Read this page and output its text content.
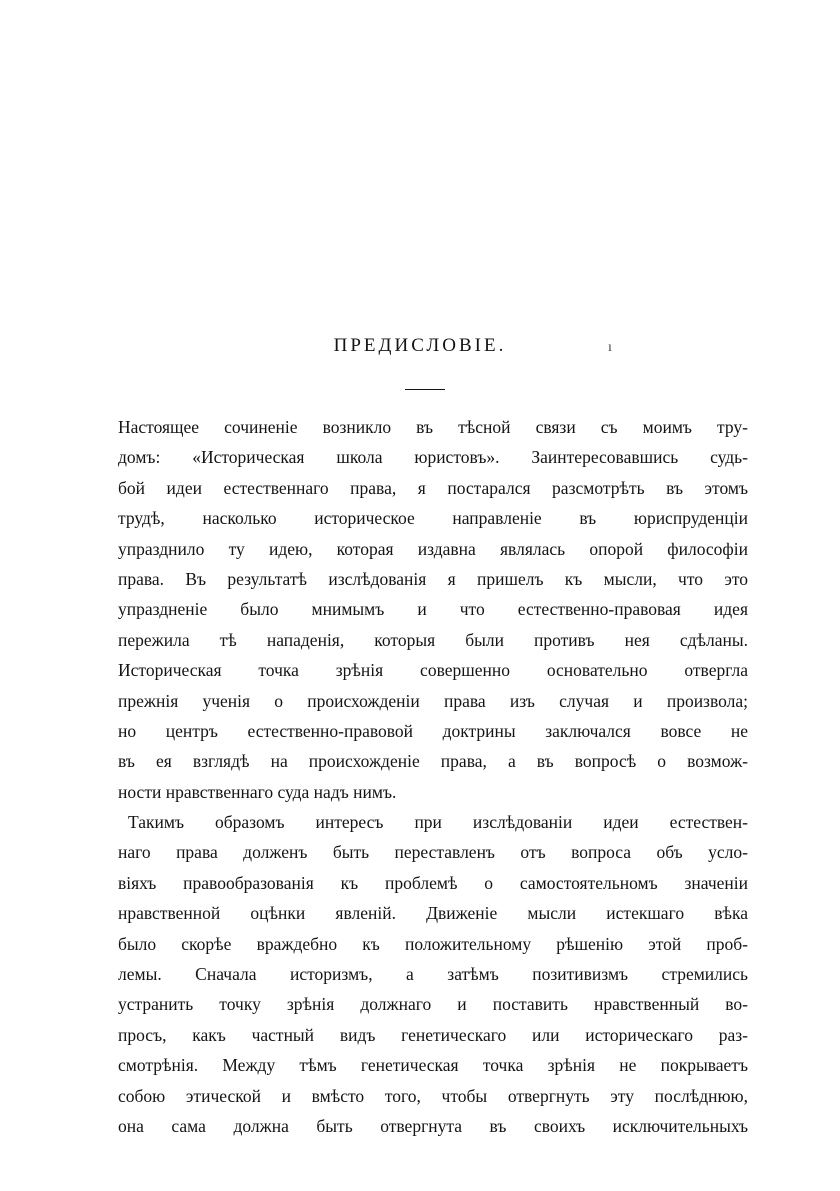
ПРЕДИСЛОВІЕ.	ı
Настоящее сочиненіе возникло въ тѣсной связи съ моимъ тру-
домъ: «Историческая школа юристовъ». Заинтересовавшись судь-
бой идеи естественнаго права, я постарался разсмотрѣть въ этомъ
трудѣ, насколько историческое направленіе въ юриспруденціи
упразднило ту идею, которая издавна являлась опорой философіи
права. Въ результатѣ изслѣдованія я пришелъ къ мысли, что это
упраздненіе было мнимымъ и что естественно-правовая идея
пережила тѣ нападенія, которыя были противъ нея сдѣланы.
Историческая точка зрѣнія совершенно основательно отвергла
прежнія ученія о происхожденіи права изъ случая и произвола;
но центръ естественно-правовой доктрины заключался вовсе не
въ ея взглядѣ на происхожденіе права, а въ вопросѣ о возмож-
ности нравственнаго суда надъ нимъ.
Такимъ образомъ интересъ при изслѣдованіи идеи естествен-
наго права долженъ быть переставленъ отъ вопроса объ усло-
віяхъ правообразованія къ проблемѣ о самостоятельномъ значеніи
нравственной оцѣнки явленій. Движеніе мысли истекшаго вѣка
было скорѣе враждебно къ положительному рѣшенію этой проб-
лемы. Сначала историзмъ, а затѣмъ позитивизмъ стремились
устранить точку зрѣнія должнаго и поставить нравственный во-
просъ, какъ частный видъ генетическаго или историческаго раз-
смотрѣнія. Между тѣмъ генетическая точка зрѣнія не покрываетъ
собою этической и вмѣсто того, чтобы отвергнуть эту послѣднюю,
она сама должна быть отвергнута въ своихъ исключительныхъ
